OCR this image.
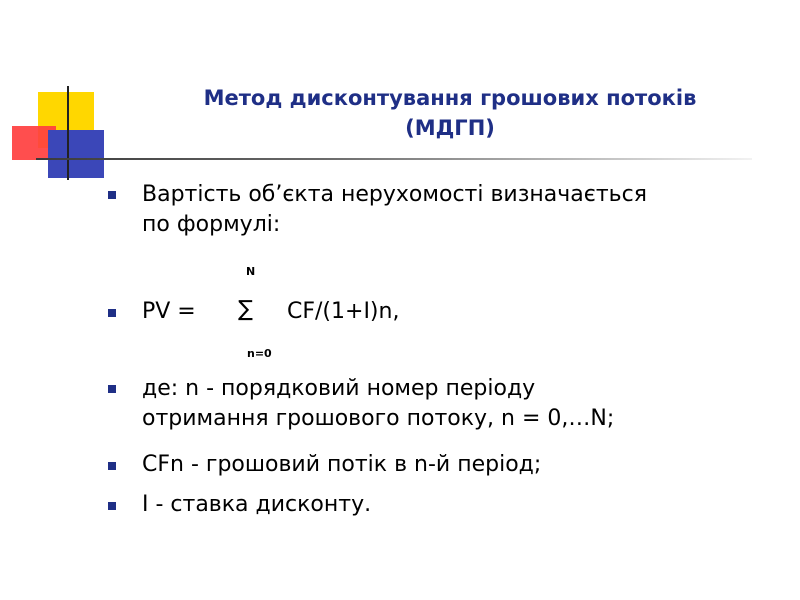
Метод дисконтування грошових потоків
(МДГП)
Вартість об’єкта нерухомості визначається
по формулі:
N
PV = ∑ CF/(1+I)n,
n=0
де: n - порядковий номер періоду
отримання грошового потоку, n = 0,…N;
CFn - грошовий потік в n-й період;
I - ставка дисконту.
